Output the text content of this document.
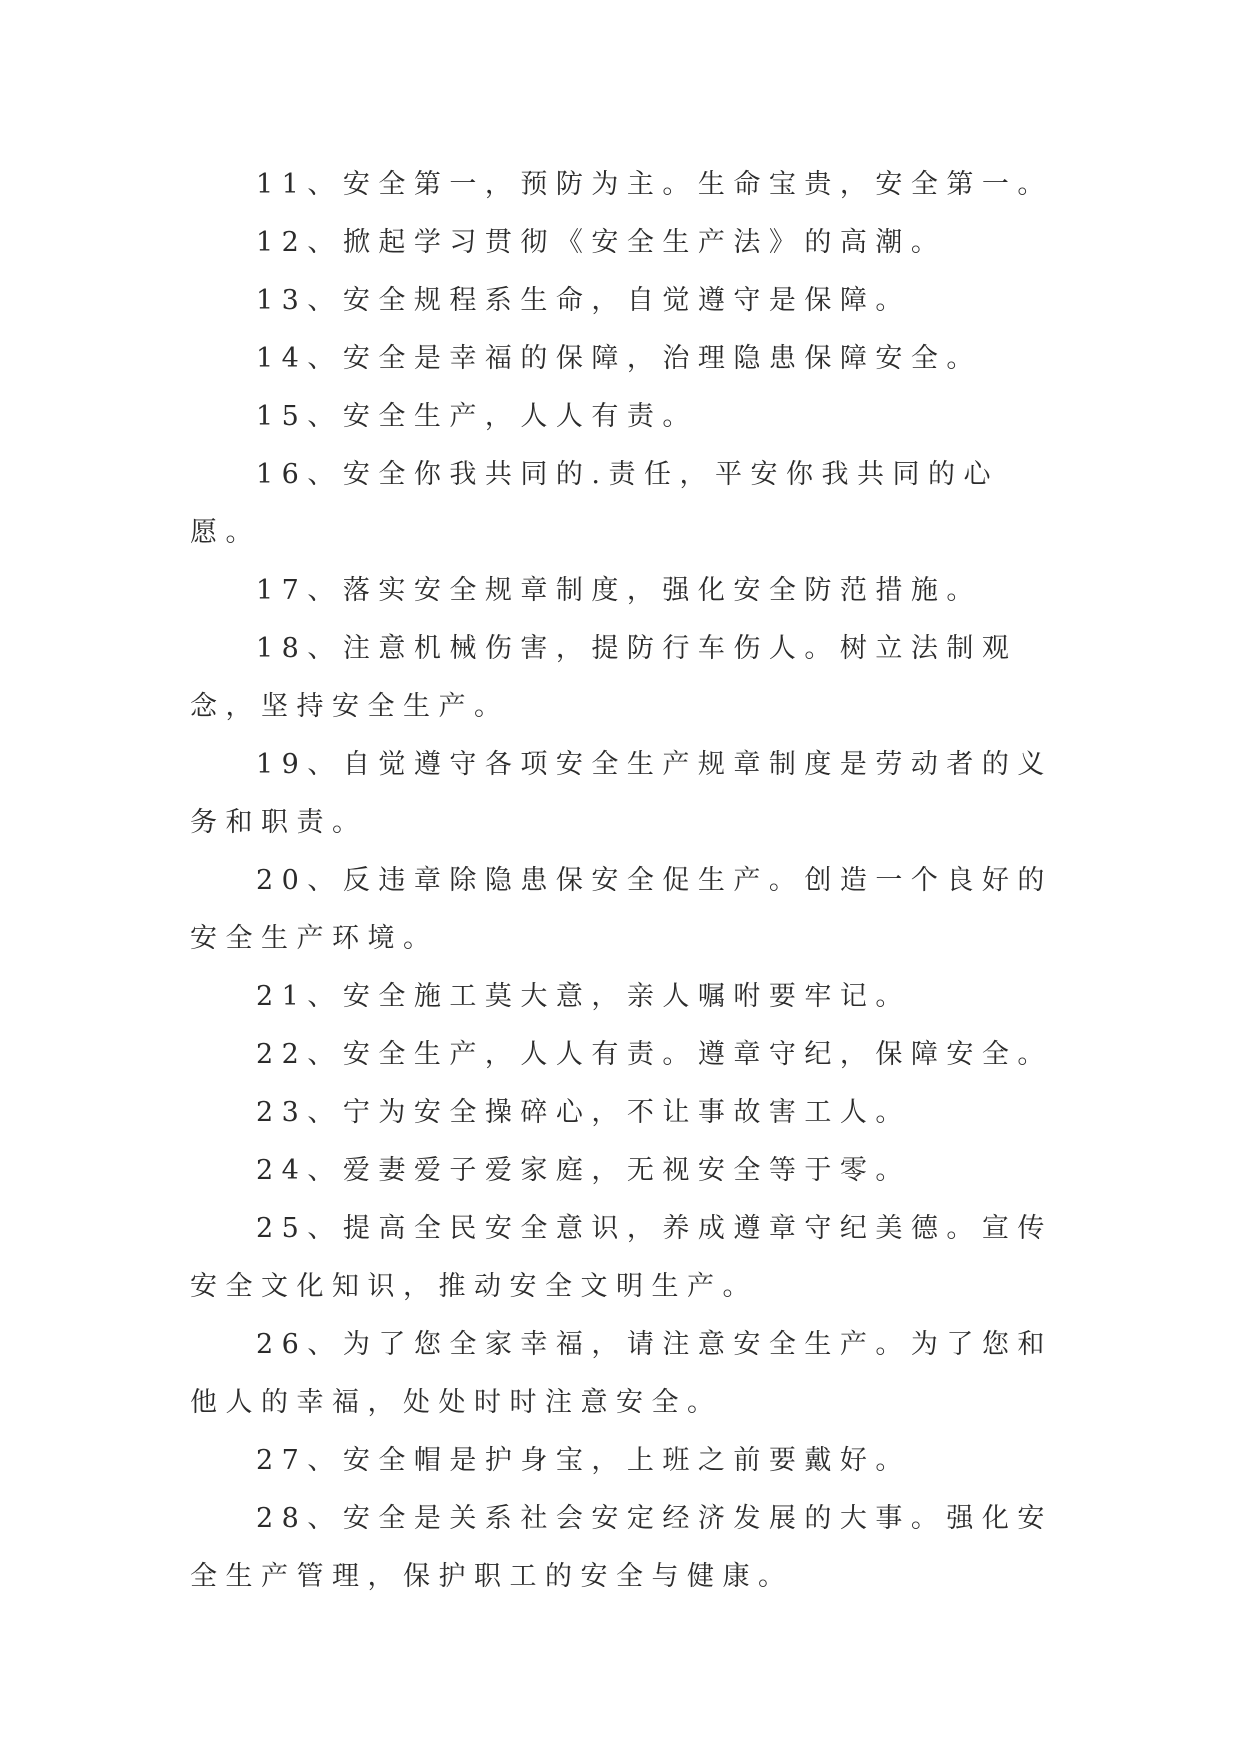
11、安全第一，预防为主。生命宝贵，安全第一。

12、掀起学习贯彻《安全生产法》的高潮。

13、安全规程系生命，自觉遵守是保障。

14、安全是幸福的保障，治理隐患保障安全。

15、安全生产，人人有责。

16、安全你我共同的.责任，平安你我共同的心愿。

17、落实安全规章制度，强化安全防范措施。

18、注意机械伤害，提防行车伤人。树立法制观念，坚持安全生产。

19、自觉遵守各项安全生产规章制度是劳动者的义务和职责。

20、反违章除隐患保安全促生产。创造一个良好的安全生产环境。

21、安全施工莫大意，亲人嘱咐要牢记。

22、安全生产，人人有责。遵章守纪，保障安全。

23、宁为安全操碎心，不让事故害工人。

24、爱妻爱子爱家庭，无视安全等于零。

25、提高全民安全意识，养成遵章守纪美德。宣传安全文化知识，推动安全文明生产。

26、为了您全家幸福，请注意安全生产。为了您和他人的幸福，处处时时注意安全。

27、安全帽是护身宝，上班之前要戴好。

28、安全是关系社会安定经济发展的大事。强化安全生产管理，保护职工的安全与健康。
